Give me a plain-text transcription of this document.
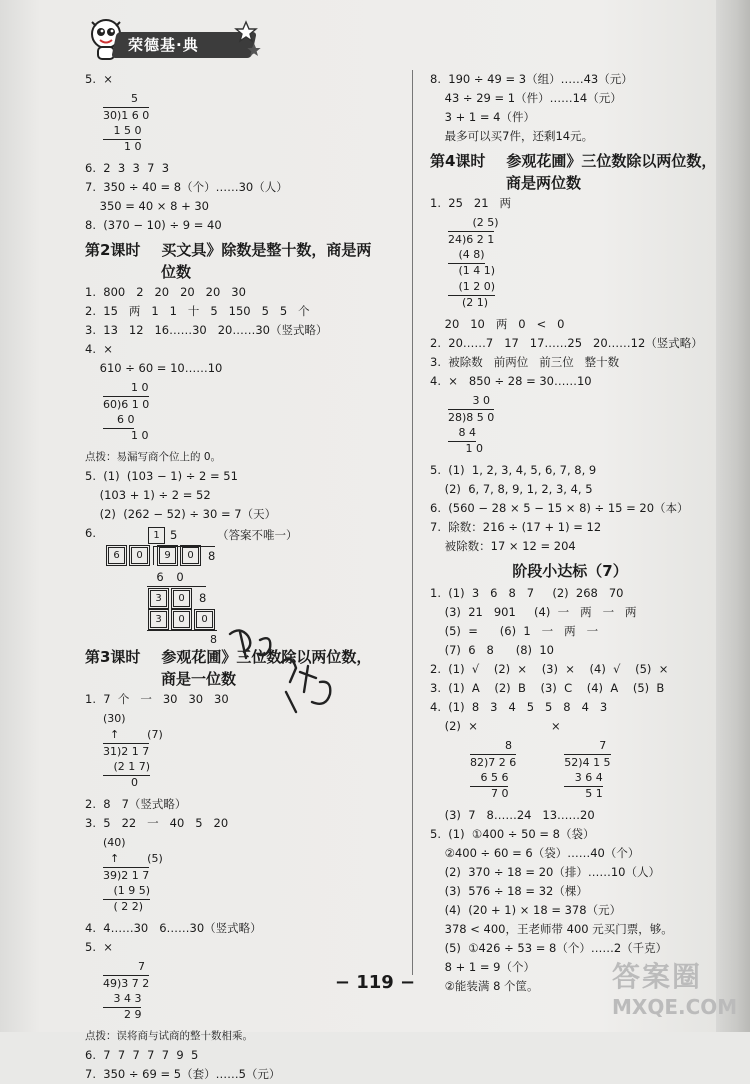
荣德基·典
5.  ×
5
30)1 6 0
1 5 0
1 0
6.  2  3  3  7  3
7.  350 ÷ 40 = 8（个）……30（人）
350 = 40 × 8 + 30
8.  (370 − 10) ÷ 9 = 40
第2课时    买文具》除数是整十数，商是两
位数
1.  800   2   20   20   20   30
2.  15   两   1   1   十   5   150   5   5   个
3.  13   12   16……30   20……30（竖式略）
4.  ×
610 ÷ 60 = 10……10
1 0
60)6 1 0
6 0
1 0
点拨：易漏写商个位上的 0。
5.  (1)  (103 − 1) ÷ 2 = 51
(103 + 1) ÷ 2 = 52
(2)  (262 − 52) ÷ 30 = 7（天）
6.	1 5	（答案不唯一）
6	0	9	0	8
6	0
3	0	8
3	0	0
8
第3课时    参观花圃》三位数除以两位数，
商是一位数
1.  7  个   一   30   30   30
(30)
↑        (7)
31)2 1 7
(2 1 7)
0
2.  8   7（竖式略）
3.  5   22   一   40   5   20
(40)
↑        (5)
39)2 1 7
(1 9 5)
( 2 2)
4.  4……30   6……30（竖式略）
5.  ×
7
49)3 7 2
3 4 3
2 9
点拨：误将商与试商的整十数相乘。
6.  7  7  7  7  7  9  5
7.  350 ÷ 69 = 5（套）……5（元）
8.  190 ÷ 49 = 3（组）……43（元）
43 ÷ 29 = 1（件）……14（元）
3 + 1 = 4（件）
最多可以买7件，还剩14元。
第4课时    参观花圃》三位数除以两位数，
商是两位数
1.  25   21   两
(2 5)
24)6 2 1
(4 8)
(1 4 1)
(1 2 0)
(2 1)
20   10   两   0   <   0
2.  20……7   17   17……25   20……12（竖式略）
3.  被除数   前两位   前三位   整十数
4.  ×   850 ÷ 28 = 30……10
3 0
28)8 5 0
8 4
1 0
5.  (1)  1, 2, 3, 4, 5, 6, 7, 8, 9
(2)  6, 7, 8, 9, 1, 2, 3, 4, 5
6.  (560 − 28 × 5 − 15 × 8) ÷ 15 = 20（本）
7.  除数：216 ÷ (17 + 1) = 12
被除数：17 × 12 = 204
阶段小达标（7）
1.  (1)  3   6   8   7     (2)  268   70
(3)  21   901     (4)  一   两   一   两
(5)  =      (6)  1   一   两   一
(7)  6   8      (8)  10
2.  (1)  √    (2)  ×    (3)  ×    (4)  √    (5)  ×
3.  (1)  A    (2)  B    (3)  C    (4)  A    (5)  B
4.  (1)  8   3   4   5   5   8   4   3
(2)  ×                    ×
8
82)7 2 6
6 5 6
7 0
7
52)4 1 5
3 6 4
5 1
(3)  7   8……24   13……20
5.  (1)  ①400 ÷ 50 = 8（袋）
②400 ÷ 60 = 6（袋）……40（个）
(2)  370 ÷ 18 = 20（排）……10（人）
(3)  576 ÷ 18 = 32（棵）
(4)  (20 + 1) × 18 = 378（元）
378 < 400，王老师带 400 元买门票，够。
(5)  ①426 ÷ 53 = 8（个）……2（千克）
8 + 1 = 9（个）
②能装满 8 个筐。
− 119 −	答案圈
MXQE.COM
